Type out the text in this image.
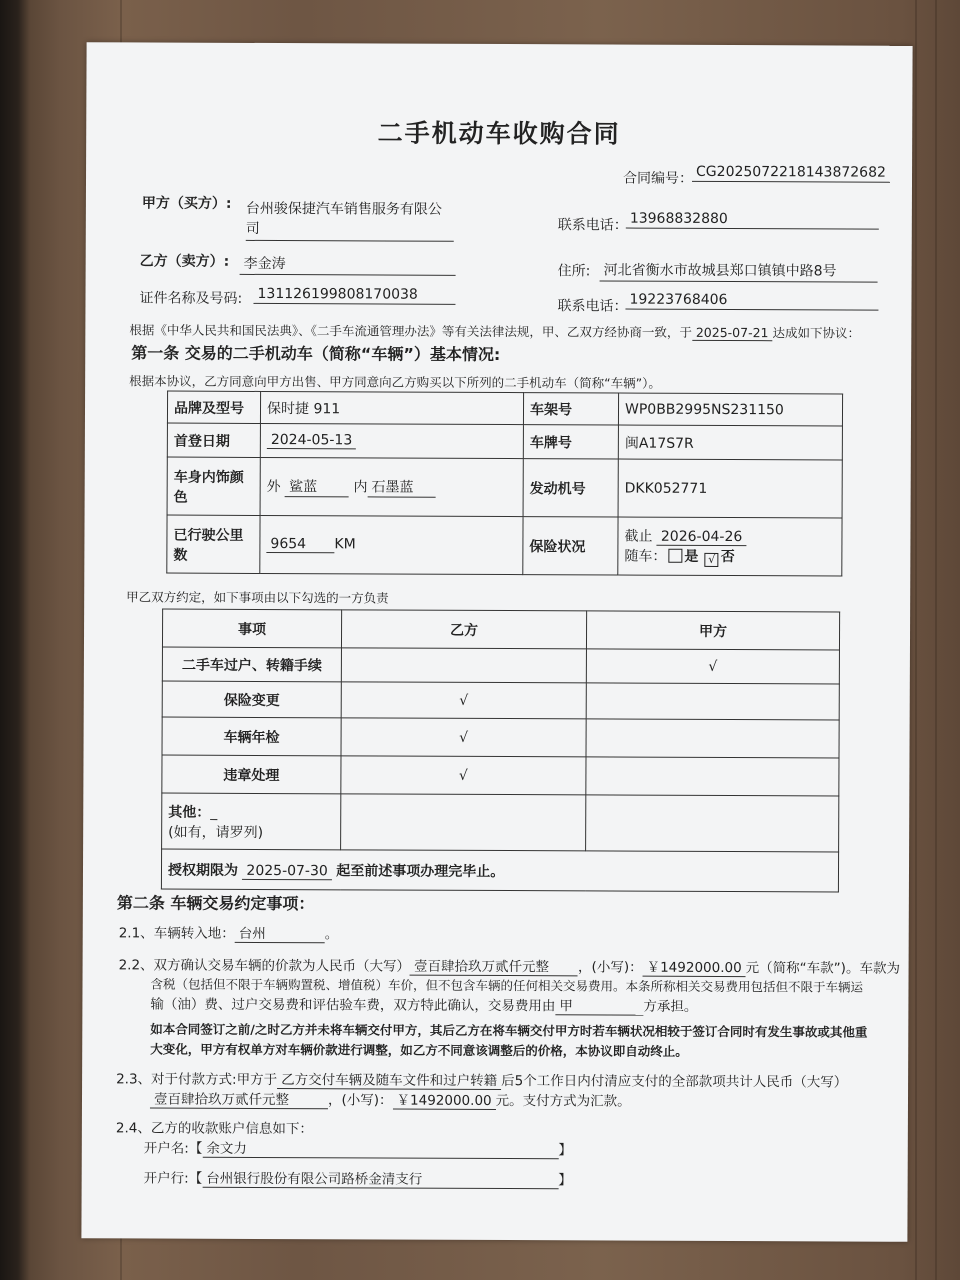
二手机动车收购合同
合同编号： CG2025072218143872682
甲方（买方）: 台州骏保捷汽车销售服务有限公
司	联系电话： 13968832880
乙方（卖方）: 李金涛	住所: 河北省衡水市故城县郑口镇镇中路8号
证件名称及号码: 131126199808170038
联系电话： 19223768406
根据《中华人民共和国民法典》、《二手车流通管理办法》等有关法律法规，甲、乙双方经协商一致，于 2025-07-21 达成如下协议：
第一条 交易的二手机动车（简称“车辆”）基本情况:
根据本协议，乙方同意向甲方出售、甲方同意向乙方购买以下所列的二手机动车（简称“车辆”）。
品牌及型号	保时捷 911	车架号	WP0BB2995NS231150
首登日期	2024-05-13	车牌号	闽A17S7R
车身内饰颜
色	外 鲨蓝 内 石墨蓝	发动机号	DKK052771
已行驶公里
数	9654 KM	保险状况	截止 2026-04-26
随车： 是 √ 否
甲乙双方约定，如下事项由以下勾选的一方负责
事项	乙方	甲方
二手车过户、转籍手续		√
保险变更	√	
车辆年检	√	
违章处理	√	
其他：_
(如有，请罗列)		
授权期限为 2025-07-30 起至前述事项办理完毕止。		
第二条 车辆交易约定事项：
2.1、车辆转入地： 台州	。
2.2、双方确认交易车辆的价款为人民币（大写） 壹百肆拾玖万贰仟元整 ，(小写)： ￥1492000.00 元（简称“车款”)。车款为
含税（包括但不限于车辆购置税、增值税）车价，但不包含车辆的任何相关交易费用。本条所称相关交易费用包括但不限于车辆运
输（油）费、过户交易费和评估验车费，双方特此确认，交易费用由 甲	方承担。
如本合同签订之前/之时乙方并未将车辆交付甲方，其后乙方在将车辆交付甲方时若车辆状况相较于签订合同时有发生事故或其他重
大变化，甲方有权单方对车辆价款进行调整，如乙方不同意该调整后的价格，本协议即自动终止。
2.3、对于付款方式:甲方于 乙方交付车辆及随车文件和过户转籍 后5个工作日内付清应支付的全部款项共计人民币（大写）
壹百肆拾玖万贰仟元整	，(小写)： ￥1492000.00 元。支付方式为汇款。
2.4、乙方的收款账户信息如下：
开户名:【 余文力	】
开户行:【 台州银行股份有限公司路桥金清支行	】
